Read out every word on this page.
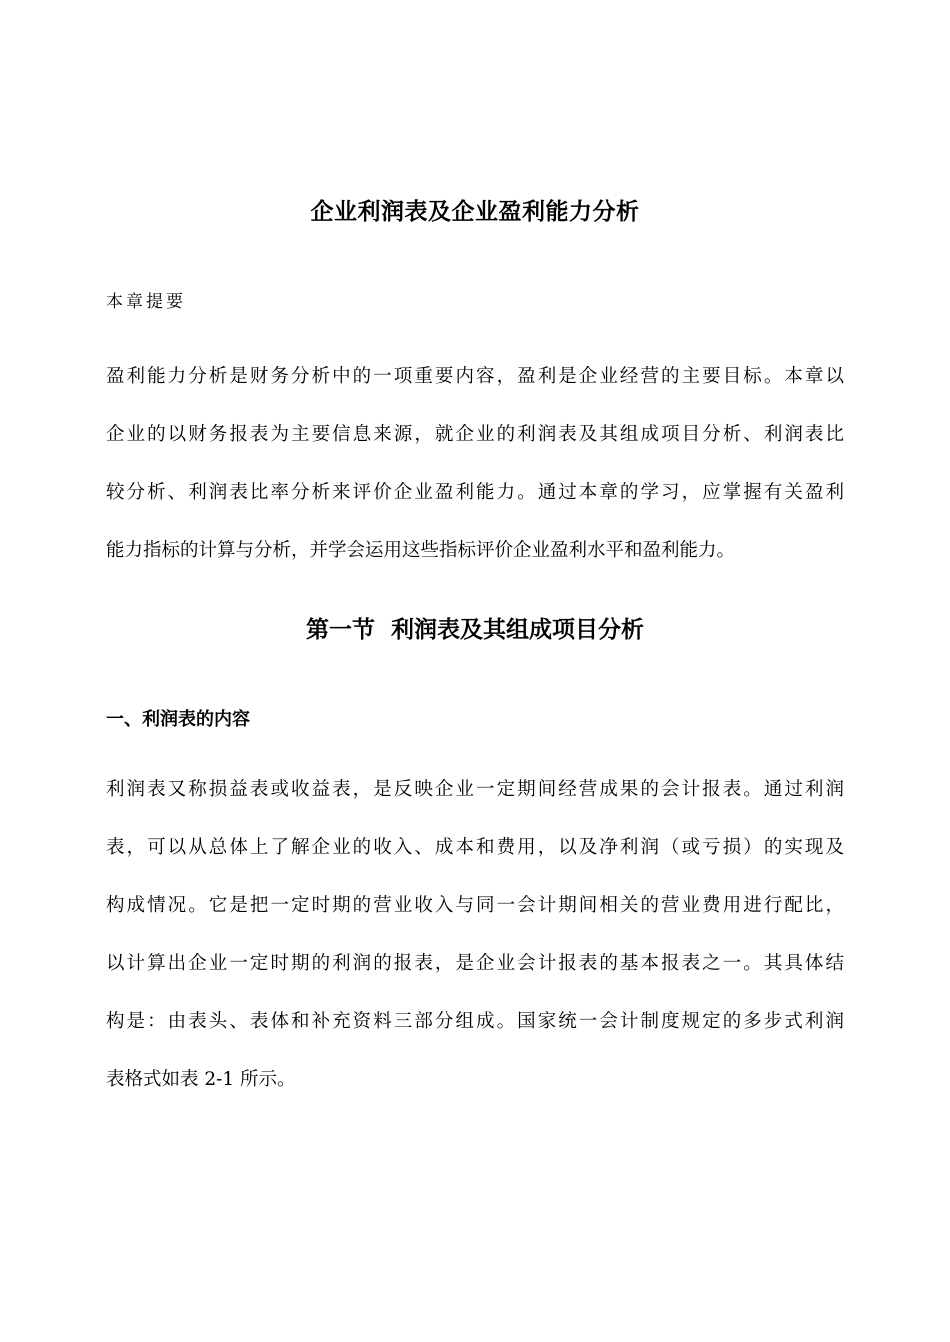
企业利润表及企业盈利能力分析
本章提要

盈利能力分析是财务分析中的一项重要内容，盈利是企业经营的主要目标。本章以
企业的以财务报表为主要信息来源，就企业的利润表及其组成项目分析、利润表比
较分析、利润表比率分析来评价企业盈利能力。通过本章的学习，应掌握有关盈利
能力指标的计算与分析，并学会运用这些指标评价企业盈利水平和盈利能力。

第一节  利润表及其组成项目分析
一、利润表的内容

利润表又称损益表或收益表，是反映企业一定期间经营成果的会计报表。通过利润
表，可以从总体上了解企业的收入、成本和费用，以及净利润（或亏损）的实现及
构成情况。它是把一定时期的营业收入与同一会计期间相关的营业费用进行配比，
以计算出企业一定时期的利润的报表，是企业会计报表的基本报表之一。其具体结
构是：由表头、表体和补充资料三部分组成。国家统一会计制度规定的多步式利润
表格式如表 2-1 所示。
